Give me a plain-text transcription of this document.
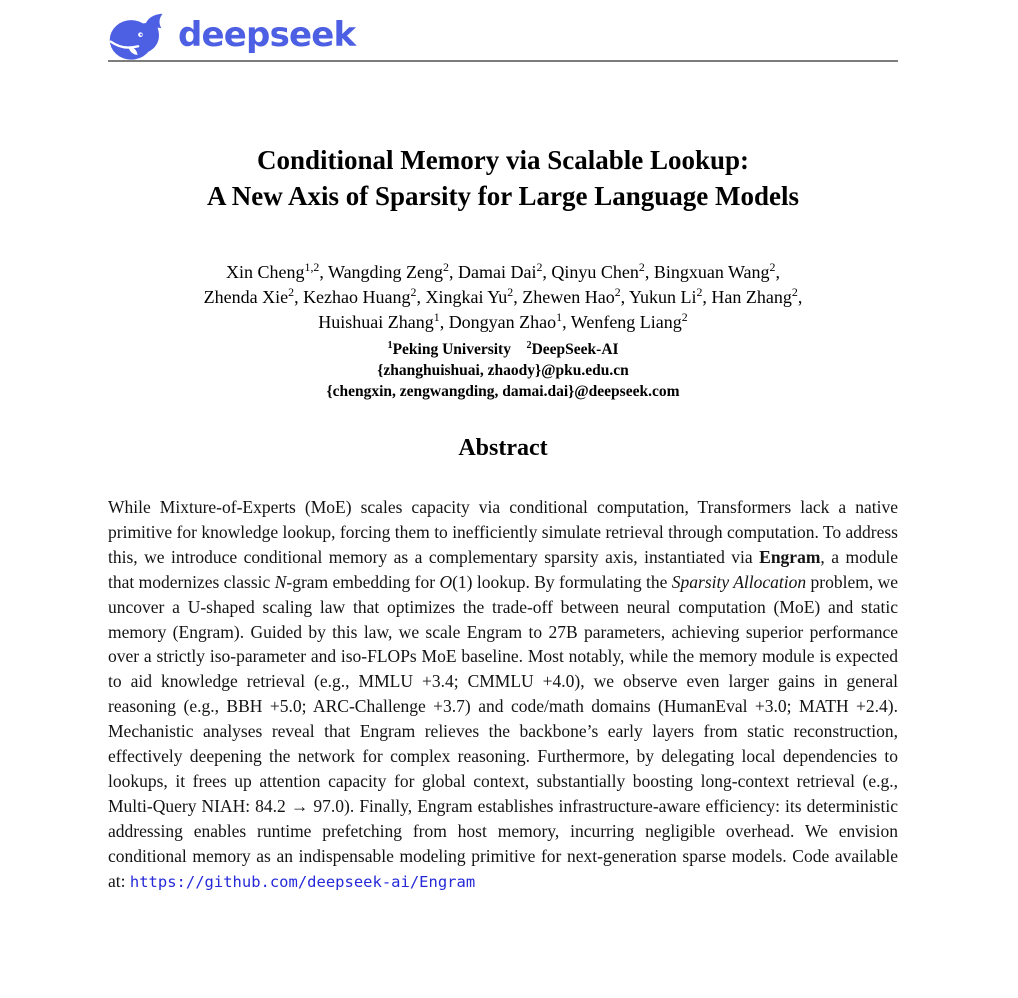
deepseek
Conditional Memory via Scalable Lookup:
A New Axis of Sparsity for Large Language Models
Xin Cheng$^{1,2}$, Wangding Zeng$^2$, Damai Dai$^2$, Qinyu Chen$^2$, Bingxuan Wang$^2$,
Zhenda Xie$^2$, Kezhao Huang$^2$, Xingkai Yu$^2$, Zhewen Hao$^2$, Yukun Li$^2$, Han Zhang$^2$,
Huishuai Zhang$^1$, Dongyan Zhao$^1$, Wenfeng Liang$^2$
$^1$Peking University  $^2$DeepSeek-AI
{zhanghuishuai, zhaody}@pku.edu.cn
{chengxin, zengwangding, damai.dai}@deepseek.com
Abstract

While Mixture-of-Experts (MoE) scales capacity via conditional computation, Transformers lack a native primitive for knowledge lookup, forcing them to inefficiently simulate retrieval through computation. To address this, we introduce conditional memory as a complementary sparsity axis, instantiated via Engram, a module that modernizes classic N-gram embedding for O(1) lookup. By formulating the Sparsity Allocation problem, we uncover a U-shaped scaling law that optimizes the trade-off between neural computation (MoE) and static memory (Engram). Guided by this law, we scale Engram to 27B parameters, achieving superior performance over a strictly iso-parameter and iso-FLOPs MoE baseline. Most notably, while the memory module is expected to aid knowledge retrieval (e.g., MMLU +3.4; CMMLU +4.0), we observe even larger gains in general reasoning (e.g., BBH +5.0; ARC-Challenge +3.7) and code/math domains (HumanEval +3.0; MATH +2.4). Mechanistic analyses reveal that Engram relieves the backbone’s early layers from static reconstruction, effectively deepening the network for complex reasoning. Furthermore, by delegating local dependencies to lookups, it frees up attention capacity for global context, substantially boosting long-context retrieval (e.g., Multi-Query NIAH: 84.2 → 97.0). Finally, Engram establishes infrastructure-aware efficiency: its deterministic addressing enables runtime prefetching from host memory, incurring negligible overhead. We envision conditional memory as an indispensable modeling primitive for next-generation sparse models. Code available at: https://github.com/deepseek-ai/Engram
